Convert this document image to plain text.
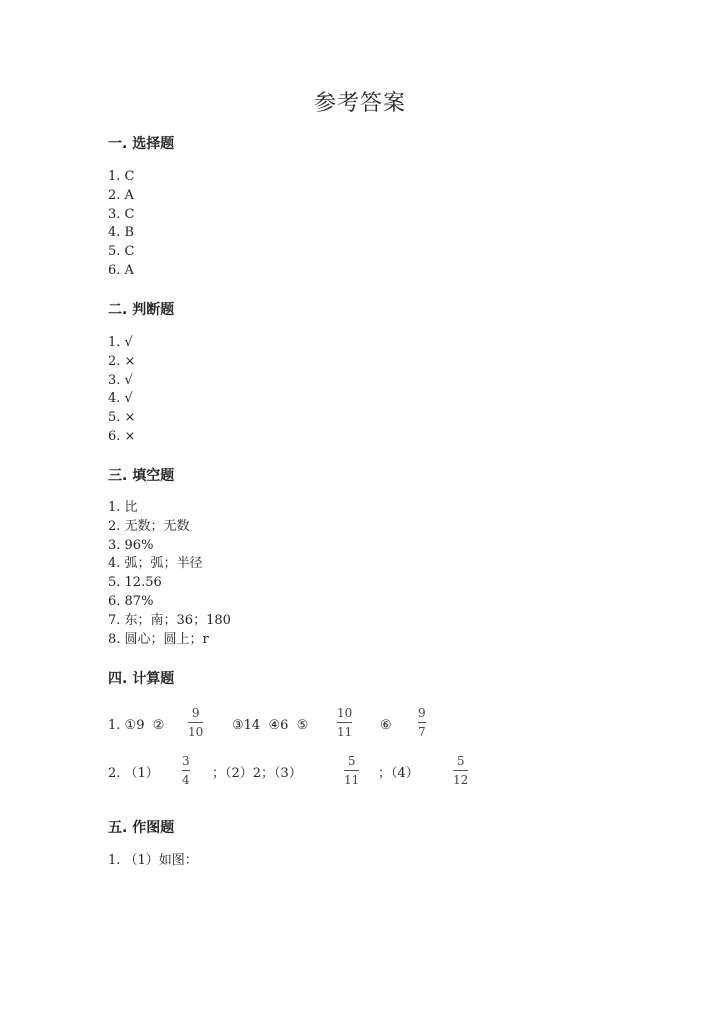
参考答案
一. 选择题
1. C
2. A
3. C
4. B
5. C
6. A
二. 判断题
1. √
2. ×
3. √
4. √
5. ×
6. ×
三. 填空题
1. 比
2. 无数；无数
3. 96%
4. 弧；弧；半径
5. 12.56
6. 87%
7. 东；南；36；180
8. 圆心；圆上；r
四. 计算题
1. ①9  ②
9
10 ③14  ④6  ⑤
10
11 ⑥
9
7
2. （1）
3
4 ；（2）2；（3）
5
11 ；（4）
5
12
五. 作图题
1. （1）如图：
